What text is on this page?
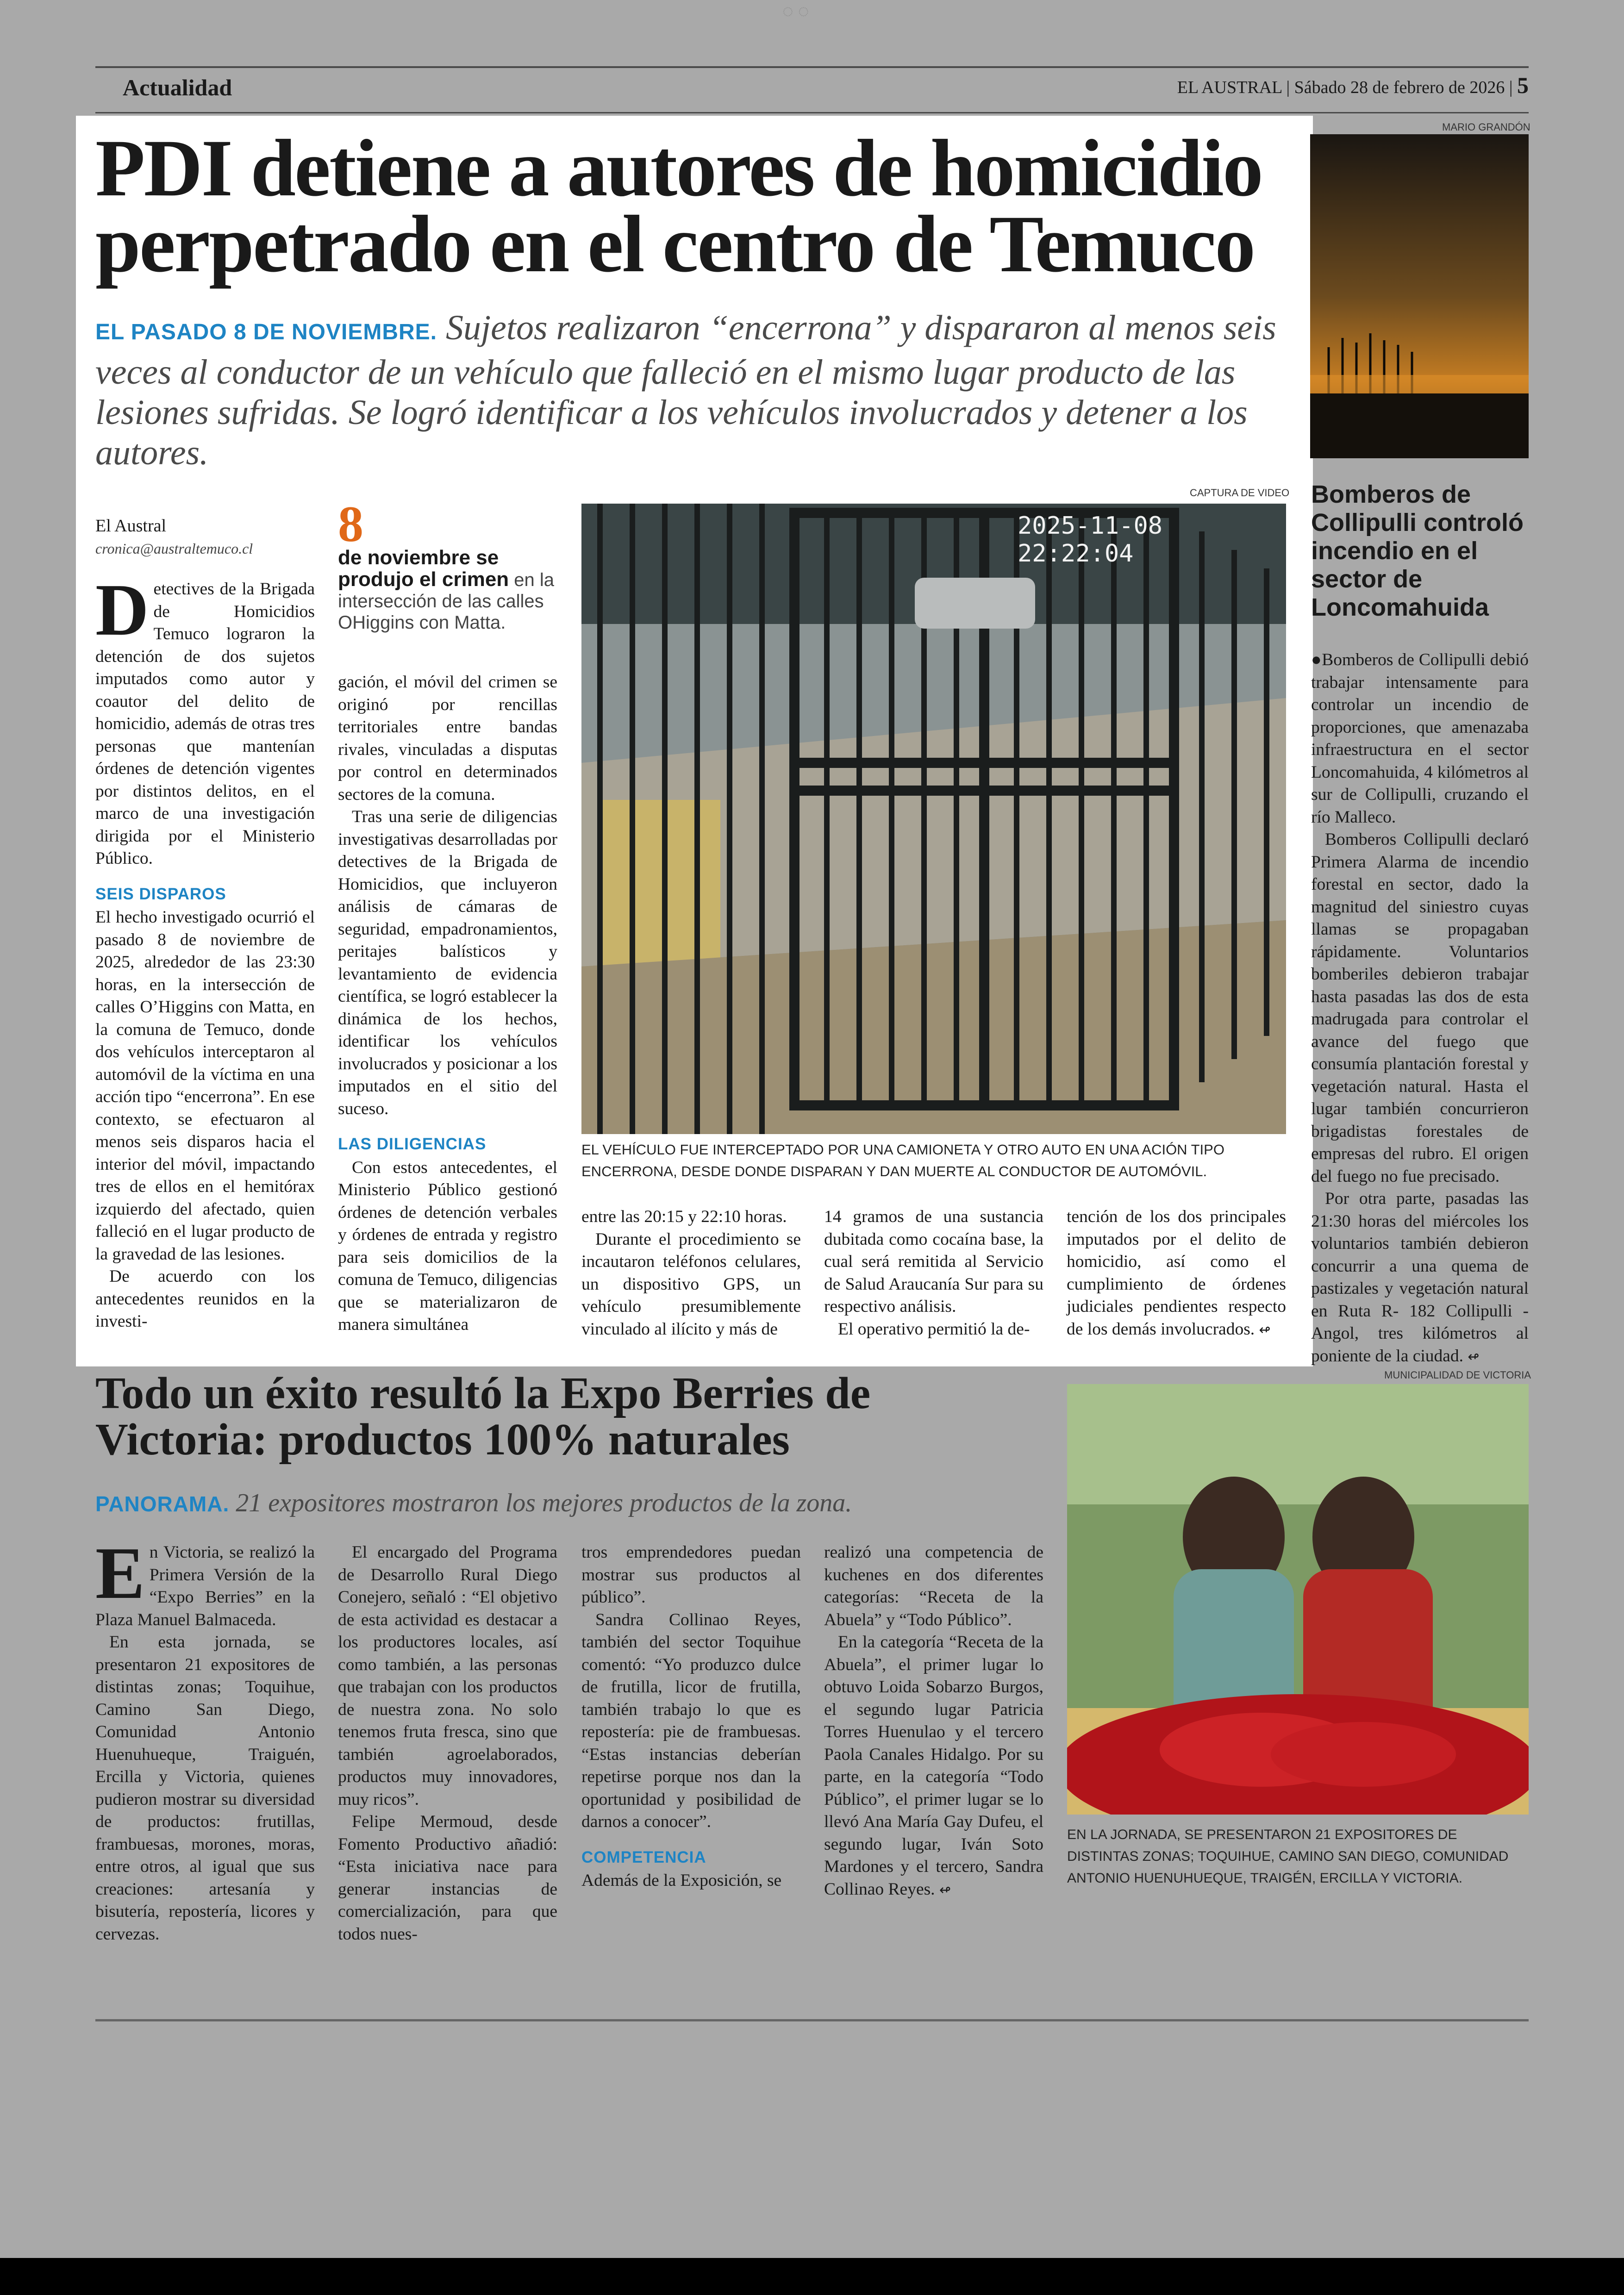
◌ ◌
Actualidad	EL AUSTRAL | Sábado 28 de febrero de 2026 | 5
PDI detiene a autores de homicidio perpetrado en el centro de Temuco
EL PASADO 8 DE NOVIEMBRE. Sujetos realizaron “encerrona” y dispararon al menos seis veces al conductor de un vehículo que falleció en el mismo lugar producto de las lesiones sufridas. Se logró identificar a los vehículos involucrados y detener a los autores.
El Austral
cronica@australtemuco.cl

Detectives de la Brigada de Homicidios Temuco lograron la detención de dos sujetos imputados como autor y coautor del delito de homicidio, además de otras tres personas que mantenían órdenes de detención vigentes por distintos delitos, en el marco de una investigación dirigida por el Ministerio Público.

SEIS DISPAROS

El hecho investigado ocurrió el pasado 8 de noviembre de 2025, alrededor de las 23:30 horas, en la intersección de calles O’Higgins con Matta, en la comuna de Temuco, donde dos vehículos interceptaron al automóvil de la víctima en una acción tipo “encerrona”. En ese contexto, se efectuaron al menos seis disparos hacia el interior del móvil, impactando tres de ellos en el hemitórax izquierdo del afectado, quien falleció en el lugar producto de la gravedad de las lesiones.

De acuerdo con los antecedentes reunidos en la investi-

8
de noviembre se produjo el crimen en la intersección de las calles OHiggins con Matta.

gación, el móvil del crimen se originó por rencillas territoriales entre bandas rivales, vinculadas a disputas por control en determinados sectores de la comuna.

Tras una serie de diligencias investigativas desarrolladas por detectives de la Brigada de Homicidios, que incluyeron análisis de cámaras de seguridad, empadronamientos, peritajes balísticos y levantamiento de evidencia científica, se logró establecer la dinámica de los hechos, identificar los vehículos involucrados y posicionar a los imputados en el sitio del suceso.

LAS DILIGENCIAS

Con estos antecedentes, el Ministerio Público gestionó órdenes de detención verbales y órdenes de entrada y registro para seis domicilios de la comuna de Temuco, diligencias que se materializaron de manera simultánea

CAPTURA DE VIDEO
2025-11-08 22:22:04
EL VEHÍCULO FUE INTERCEPTADO POR UNA CAMIONETA Y OTRO AUTO EN UNA ACIÓN TIPO ENCERRONA, DESDE DONDE DISPARAN Y DAN MUERTE AL CONDUCTOR DE AUTOMÓVIL.

entre las 20:15 y 22:10 horas.

Durante el procedimiento se incautaron teléfonos celulares, un dispositivo GPS, un vehículo presumiblemente vinculado al ilícito y más de

14 gramos de una sustancia dubitada como cocaína base, la cual será remitida al Servicio de Salud Araucanía Sur para su respectivo análisis.

El operativo permitió la de-

tención de los dos principales imputados por el delito de homicidio, así como el cumplimiento de órdenes judiciales pendientes respecto de los demás involucrados. ↫

MARIO GRANDÓN
Bomberos de Collipulli controló incendio en el sector de Loncomahuida

●Bomberos de Collipulli debió trabajar intensamente para controlar un incendio de proporciones, que amenazaba infraestructura en el sector Loncomahuida, 4 kilómetros al sur de Collipulli, cruzando el río Malleco.

Bomberos Collipulli declaró Primera Alarma de incendio forestal en sector, dado la magnitud del siniestro cuyas llamas se propagaban rápidamente. Voluntarios bomberiles debieron trabajar hasta pasadas las dos de esta madrugada para controlar el avance del fuego que consumía plantación forestal y vegetación natural. Hasta el lugar también concurrieron brigadistas forestales de empresas del rubro. El origen del fuego no fue precisado.

Por otra parte, pasadas las 21:30 horas del miércoles los voluntarios también debieron concurrir a una quema de pastizales y vegetación natural en Ruta R- 182 Collipulli - Angol, tres kilómetros al poniente de la ciudad. ↫

Todo un éxito resultó la Expo Berries de Victoria: productos 100% naturales
PANORAMA. 21 expositores mostraron los mejores productos de la zona.

En Victoria, se realizó la Primera Versión de la “Expo Berries” en la Plaza Manuel Balmaceda.

En esta jornada, se presentaron 21 expositores de distintas zonas; Toquihue, Camino San Diego, Comunidad Antonio Huenuhueque, Traiguén, Ercilla y Victoria, quienes pudieron mostrar su diversidad de productos: frutillas, frambuesas, morones, moras, entre otros, al igual que sus creaciones: artesanía y bisutería, repostería, licores y cervezas.

El encargado del Programa de Desarrollo Rural Diego Conejero, señaló : “El objetivo de esta actividad es destacar a los productores locales, así como también, a las personas que trabajan con los productos de nuestra zona. No solo tenemos fruta fresca, sino que también agroelaborados, productos muy innovadores, muy ricos”.

Felipe Mermoud, desde Fomento Productivo añadió: “Esta iniciativa nace para generar instancias de comercialización, para que todos nues-

tros emprendedores puedan mostrar sus productos al público”.

Sandra Collinao Reyes, también del sector Toquihue comentó: “Yo produzco dulce de frutilla, licor de frutilla, también trabajo lo que es repostería: pie de frambuesas. “Estas instancias deberían repetirse porque nos dan la oportunidad y posibilidad de darnos a conocer”.

COMPETENCIA

Además de la Exposición, se

realizó una competencia de kuchenes en dos diferentes categorías: “Receta de la Abuela” y “Todo Público”.

En la categoría “Receta de la Abuela”, el primer lugar lo obtuvo Loida Sobarzo Burgos, el segundo lugar Patricia Torres Huenulao y el tercero Paola Canales Hidalgo. Por su parte, en la categoría “Todo Público”, el primer lugar se lo llevó Ana María Gay Dufeu, el segundo lugar, Iván Soto Mardones y el tercero, Sandra Collinao Reyes. ↫

MUNICIPALIDAD DE VICTORIA
EN LA JORNADA, SE PRESENTARON 21 EXPOSITORES DE DISTINTAS ZONAS; TOQUIHUE, CAMINO SAN DIEGO, COMUNIDAD ANTONIO HUENUHUEQUE, TRAIGÉN, ERCILLA Y VICTORIA.
